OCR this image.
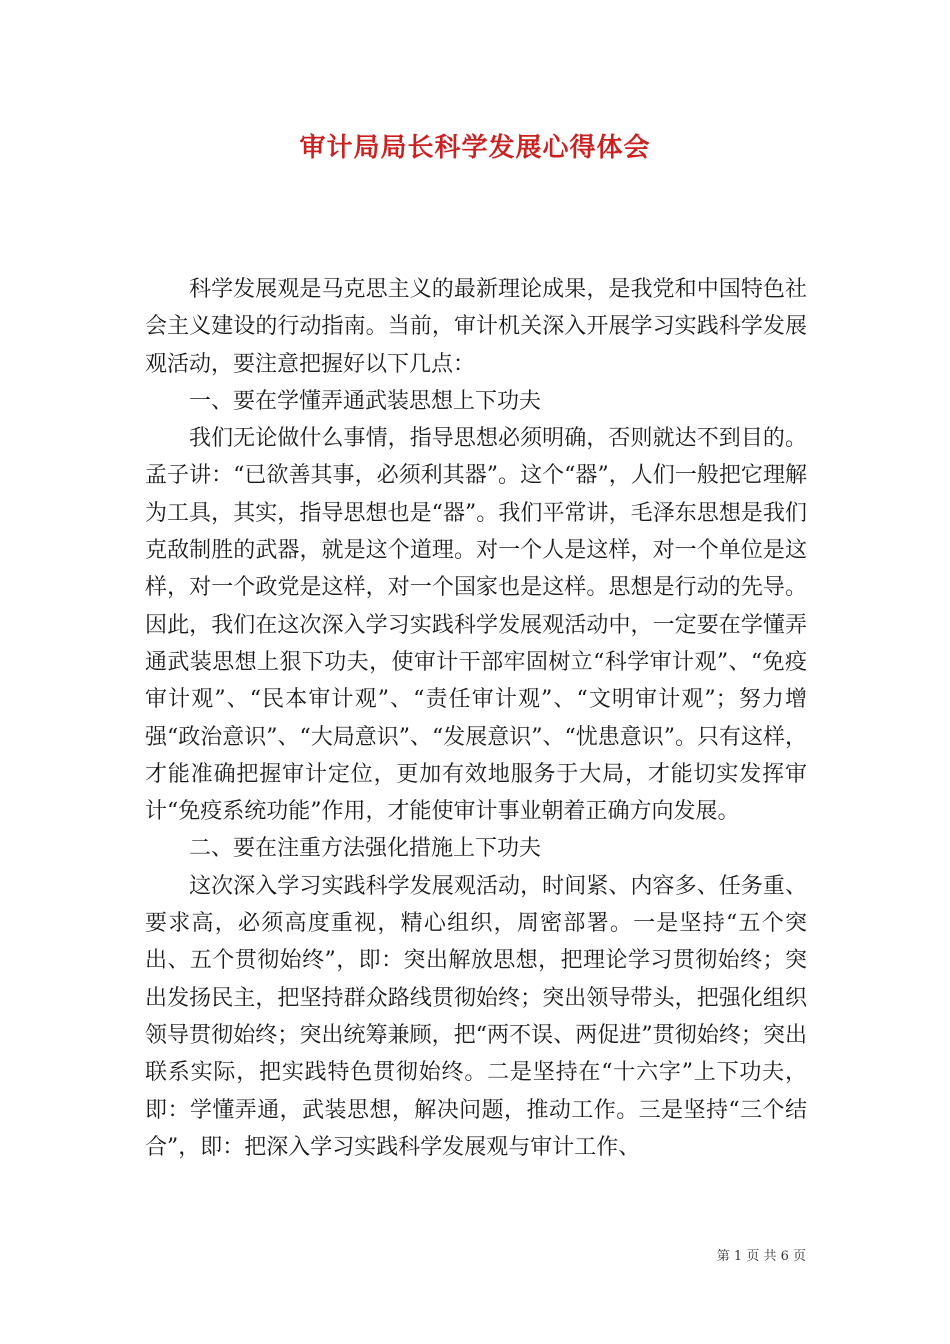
审计局局长科学发展心得体会

科学发展观是马克思主义的最新理论成果，是我党和中国特色社会主义建设的行动指南。当前，审计机关深入开展学习实践科学发展观活动，要注意把握好以下几点：

一、要在学懂弄通武装思想上下功夫

我们无论做什么事情，指导思想必须明确，否则就达不到目的。孟子讲：“已欲善其事，必须利其器”。这个“器”，人们一般把它理解为工具，其实，指导思想也是“器”。我们平常讲，毛泽东思想是我们克敌制胜的武器，就是这个道理。对一个人是这样，对一个单位是这样，对一个政党是这样，对一个国家也是这样。思想是行动的先导。因此，我们在这次深入学习实践科学发展观活动中，一定要在学懂弄通武装思想上狠下功夫，使审计干部牢固树立“科学审计观”、“免疫审计观”、“民本审计观”、“责任审计观”、“文明审计观”；努力增强“政治意识”、“大局意识”、“发展意识”、“忧患意识”。只有这样，才能准确把握审计定位，更加有效地服务于大局，才能切实发挥审计“免疫系统功能”作用，才能使审计事业朝着正确方向发展。

二、要在注重方法强化措施上下功夫

这次深入学习实践科学发展观活动，时间紧、内容多、任务重、要求高，必须高度重视，精心组织，周密部署。一是坚持“五个突出、五个贯彻始终”，即：突出解放思想，把理论学习贯彻始终；突出发扬民主，把坚持群众路线贯彻始终；突出领导带头，把强化组织领导贯彻始终；突出统筹兼顾，把“两不误、两促进”贯彻始终；突出联系实际，把实践特色贯彻始终。二是坚持在“十六字”上下功夫，即：学懂弄通，武装思想，解决问题，推动工作。三是坚持“三个结合”，即：把深入学习实践科学发展观与审计工作、

第 1 页 共 6 页
